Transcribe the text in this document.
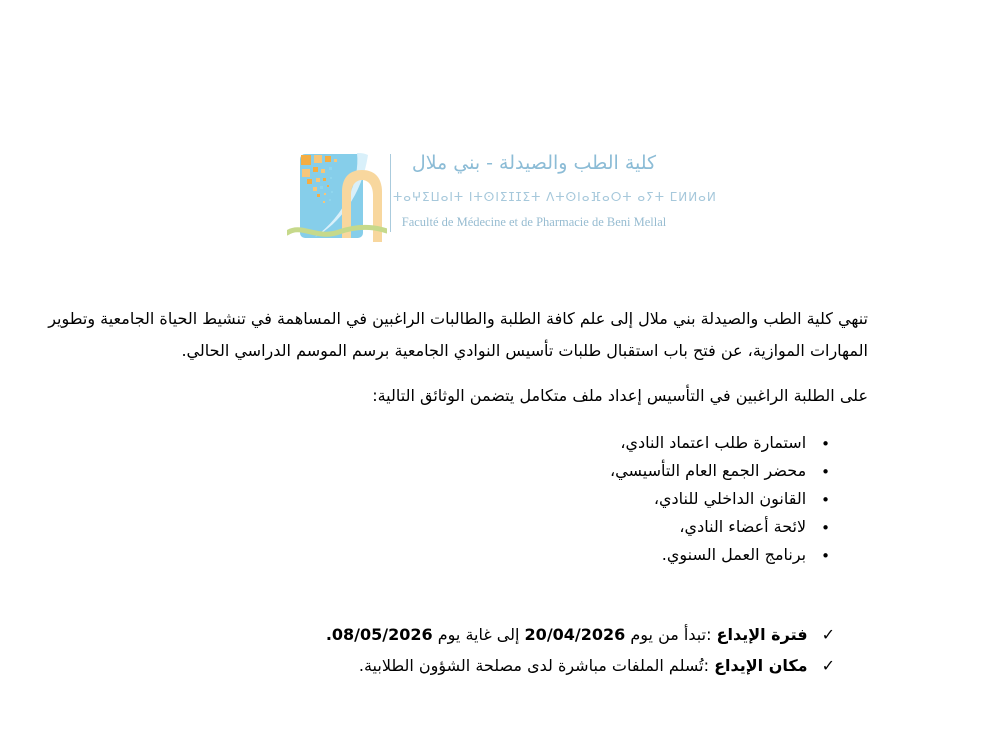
كلية الطب والصيدلة - بني ملال
ⵜⴰⵖⵉⵡⴰⵏⵜ ⵏⵜⵙⵏⵉⵊⵊⵉⵜ ⴷⵜⵙⵏⴰⴼⴰⵔⵜ ⴰⵢⵜ ⵎⵍⵍⴰⵍ
Faculté de Médecine et de Pharmacie de Beni Mellal
تنهي كلية الطب والصيدلة بني ملال إلى علم كافة الطلبة والطالبات الراغبين في المساهمة في تنشيط الحياة الجامعية وتطوير
المهارات الموازية، عن فتح باب استقبال طلبات تأسيس النوادي الجامعية برسم الموسم الدراسي الحالي.
على الطلبة الراغبين في التأسيس إعداد ملف متكامل يتضمن الوثائق التالية:
•استمارة طلب اعتماد النادي،
•محضر الجمع العام التأسيسي،
•القانون الداخلي للنادي،
•لائحة أعضاء النادي،
•برنامج العمل السنوي.
✓فترة الإيداع :تبدأ من يوم 20/04/2026 إلى غاية يوم 08/05/2026.
✓مكان الإيداع :تُسلم الملفات مباشرة لدى مصلحة الشؤون الطلابية.
